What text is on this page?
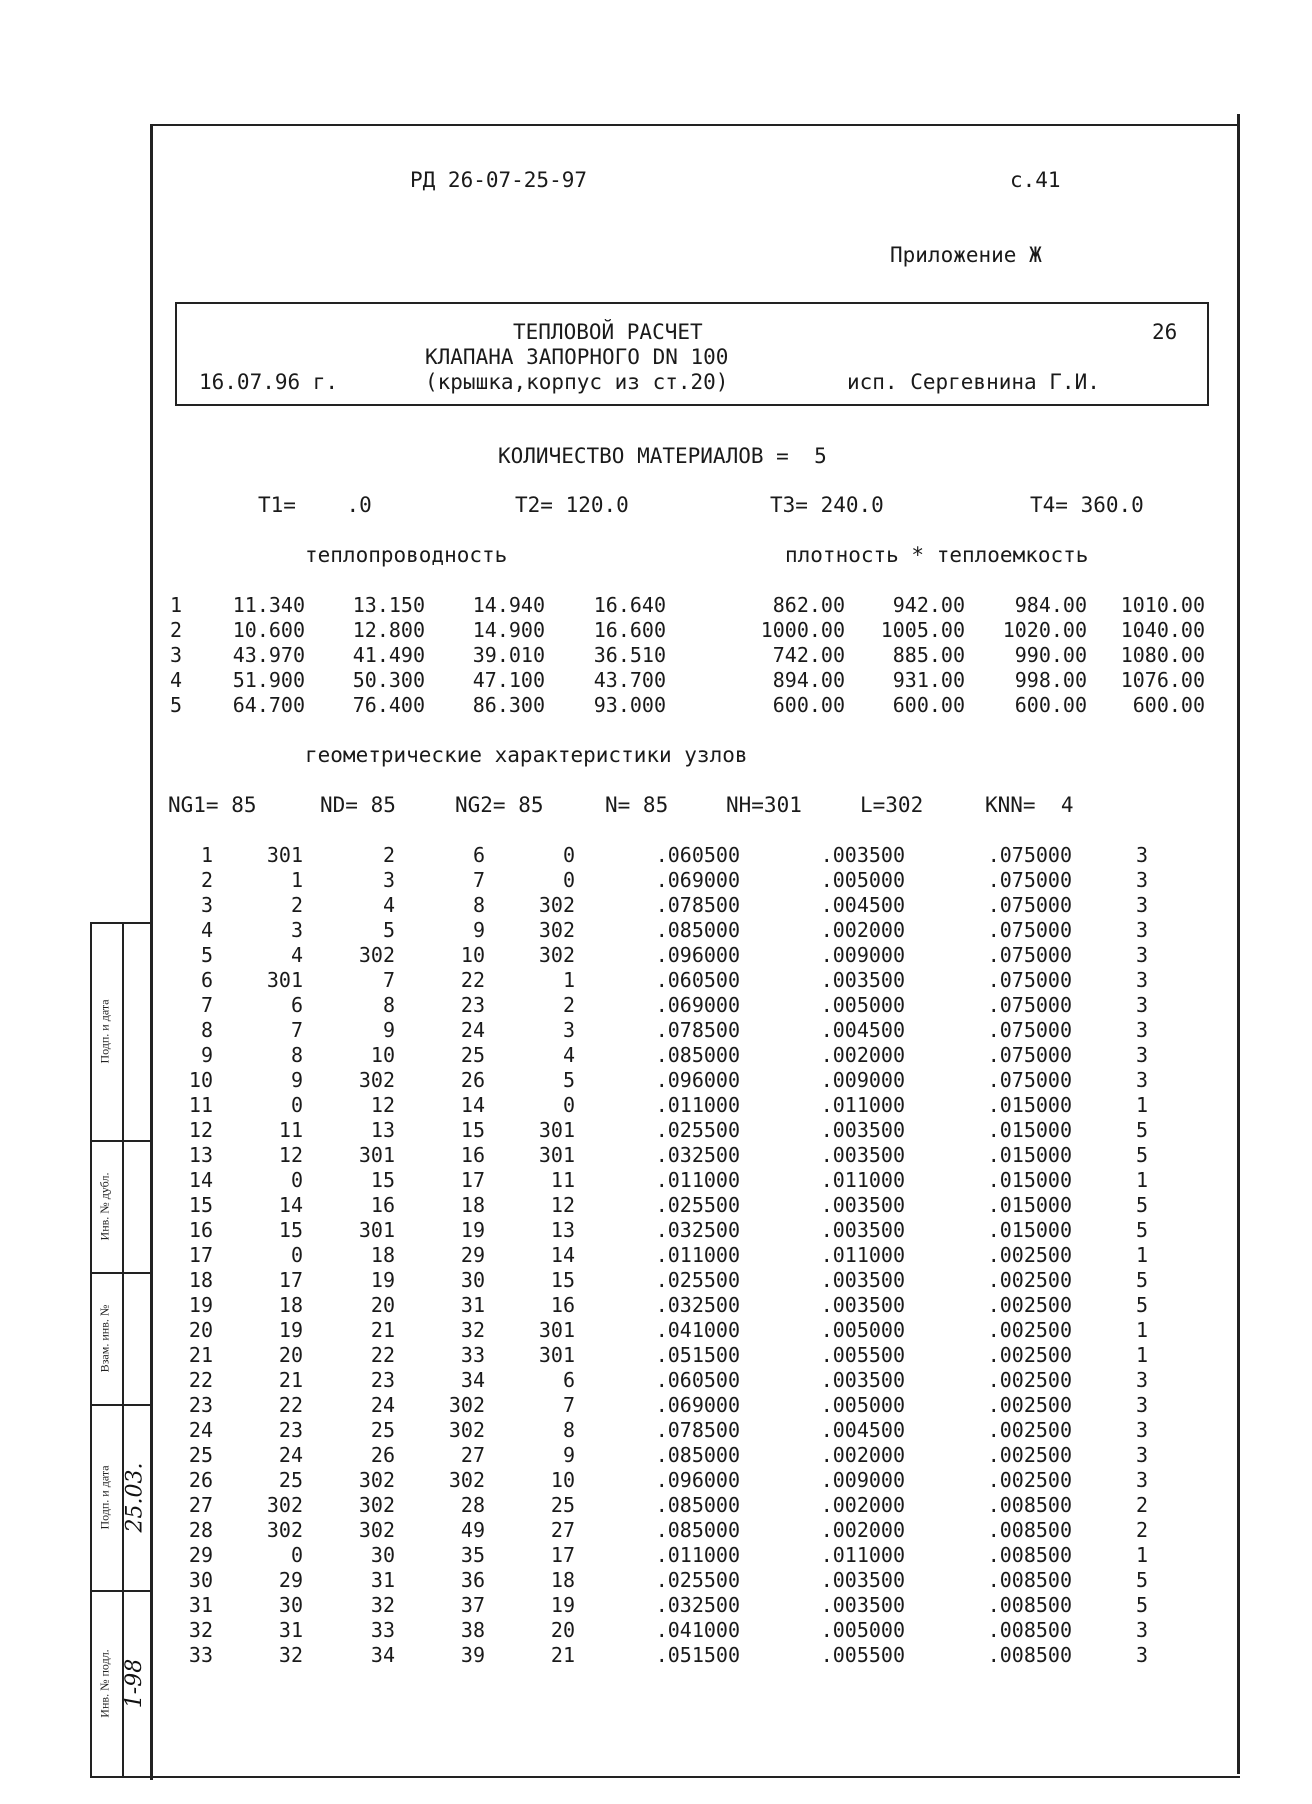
РД 26-07-25-97	с.41
Приложение Ж
ТЕПЛОВОЙ РАСЧЕТ	26
КЛАПАНА ЗАПОРНОГО DN 100
16.07.96 г.	(крышка,корпус из ст.20)	исп. Сергевнина Г.И.
КОЛИЧЕСТВО МАТЕРИАЛОВ =  5
T1=    .0	T2= 120.0	T3= 240.0	T4= 360.0
теплопроводность	плотность * теплоемкость
1	11.340 13.150 14.940 16.640	862.00 942.00 984.00 1010.00
2	10.600 12.800 14.900 16.600	1000.00 1005.00 1020.00 1040.00
3	43.970 41.490 39.010 36.510	742.00 885.00 990.00 1080.00
4	51.900 50.300 47.100 43.700	894.00 931.00 998.00 1076.00
5	64.700 76.400 86.300 93.000	600.00 600.00 600.00 600.00
геометрические характеристики узлов
NG1= 85	ND= 85	NG2= 85	N= 85	NH=301	L=302	KNN=  4
1	301	2	6	0	.060500	.003500	.075000	3
2	1	3	7	0	.069000	.005000	.075000	3
3	2	4	8	302	.078500	.004500	.075000	3
4	3	5	9	302	.085000	.002000	.075000	3
5	4	302	10	302	.096000	.009000	.075000	3
6	301	7	22	1	.060500	.003500	.075000	3
7	6	8	23	2	.069000	.005000	.075000	3
8	7	9	24	3	.078500	.004500	.075000	3
9	8	10	25	4	.085000	.002000	.075000	3
10	9	302	26	5	.096000	.009000	.075000	3
11	0	12	14	0	.011000	.011000	.015000	1
12	11	13	15	301	.025500	.003500	.015000	5
13	12	301	16	301	.032500	.003500	.015000	5
14	0	15	17	11	.011000	.011000	.015000	1
15	14	16	18	12	.025500	.003500	.015000	5
16	15	301	19	13	.032500	.003500	.015000	5
17	0	18	29	14	.011000	.011000	.002500	1
18	17	19	30	15	.025500	.003500	.002500	5
19	18	20	31	16	.032500	.003500	.002500	5
20	19	21	32	301	.041000	.005000	.002500	1
21	20	22	33	301	.051500	.005500	.002500	1
22	21	23	34	6	.060500	.003500	.002500	3
23	22	24	302	7	.069000	.005000	.002500	3
24	23	25	302	8	.078500	.004500	.002500	3
25	24	26	27	9	.085000	.002000	.002500	3
26	25	302	302	10	.096000	.009000	.002500	3
27	302	302	28	25	.085000	.002000	.008500	2
28	302	302	49	27	.085000	.002000	.008500	2
29	0	30	35	17	.011000	.011000	.008500	1
30	29	31	36	18	.025500	.003500	.008500	5
31	30	32	37	19	.032500	.003500	.008500	5
32	31	33	38	20	.041000	.005000	.008500	3
33	32	34	39	21	.051500	.005500	.008500	3
Подп. и дата
Инв. № дубл.
Взам. инв. №
Подп. и дата
Инв. № подл.
25.03.
1-98
